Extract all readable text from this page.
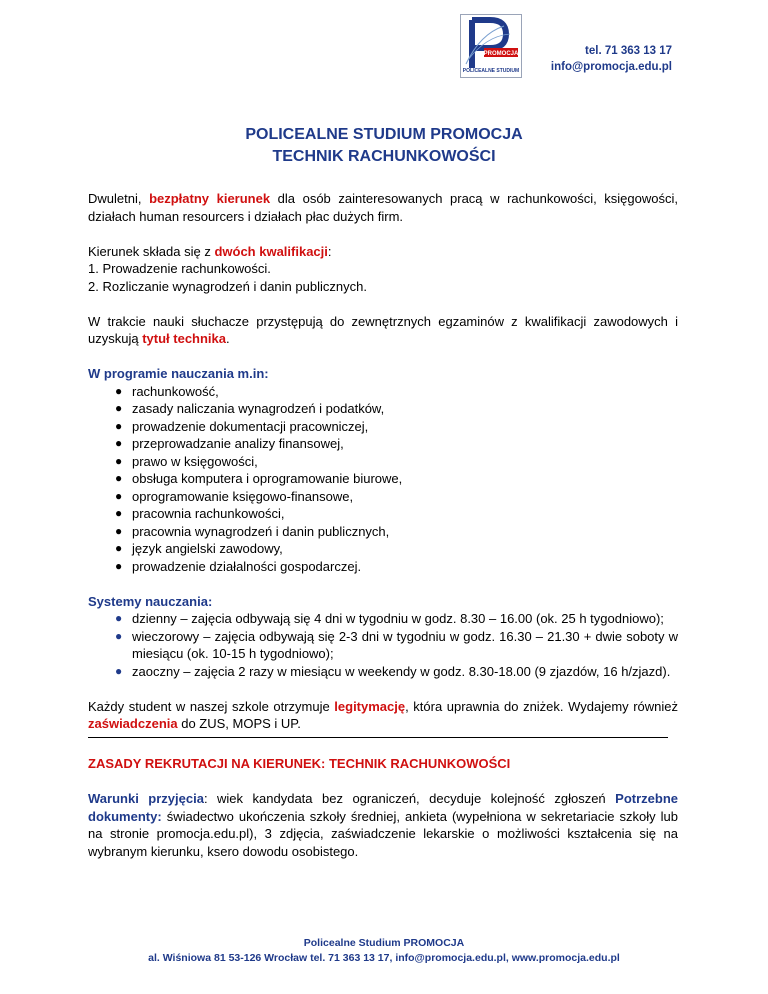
PROMOCJA
POLICEALNE STUDIUM
tel. 71 363 13 17
info@promocja.edu.pl
POLICEALNE STUDIUM PROMOCJA
TECHNIK RACHUNKOWOŚCI

Dwuletni, bezpłatny kierunek dla osób zainteresowanych pracą w rachunkowości, księgowości, działach human resourcers i działach płac dużych firm.

Kierunek składa się z dwóch kwalifikacji:

1. Prowadzenie rachunkowości.

2. Rozliczanie wynagrodzeń i danin publicznych.

W trakcie nauki słuchacze przystępują do zewnętrznych egzaminów z kwalifikacji zawodowych i uzyskują tytuł technika.

W programie nauczania m.in:

● rachunkowość,
● zasady naliczania wynagrodzeń i podatków,
● prowadzenie dokumentacji pracowniczej,
● przeprowadzanie analizy finansowej,
● prawo w księgowości,
● obsługa komputera i oprogramowanie biurowe,
● oprogramowanie księgowo-finansowe,
● pracownia rachunkowości,
● pracownia wynagrodzeń i danin publicznych,
● język angielski zawodowy,
● prowadzenie działalności gospodarczej.

Systemy nauczania:

● dzienny – zajęcia odbywają się 4 dni w tygodniu w godz. 8.30 – 16.00 (ok. 25 h tygodniowo);
● wieczorowy – zajęcia odbywają się 2-3 dni w tygodniu w godz. 16.30 – 21.30 + dwie soboty w miesiącu (ok. 10-15 h tygodniowo);
● zaoczny – zajęcia 2 razy w miesiącu w weekendy w godz. 8.30-18.00 (9 zjazdów, 16 h/zjazd).

Każdy student w naszej szkole otrzymuje legitymację, która uprawnia do zniżek. Wydajemy również zaświadczenia do ZUS, MOPS i UP.

ZASADY REKRUTACJI NA KIERUNEK: TECHNIK RACHUNKOWOŚCI

Warunki przyjęcia: wiek kandydata bez ograniczeń, decyduje kolejność zgłoszeń Potrzebne dokumenty: świadectwo ukończenia szkoły średniej, ankieta (wypełniona w sekretariacie szkoły lub na stronie promocja.edu.pl), 3 zdjęcia, zaświadczenie lekarskie o możliwości kształcenia się na wybranym kierunku, ksero dowodu osobistego.

Policealne Studium PROMOCJA
al. Wiśniowa 81 53-126 Wrocław tel. 71 363 13 17, info@promocja.edu.pl, www.promocja.edu.pl
